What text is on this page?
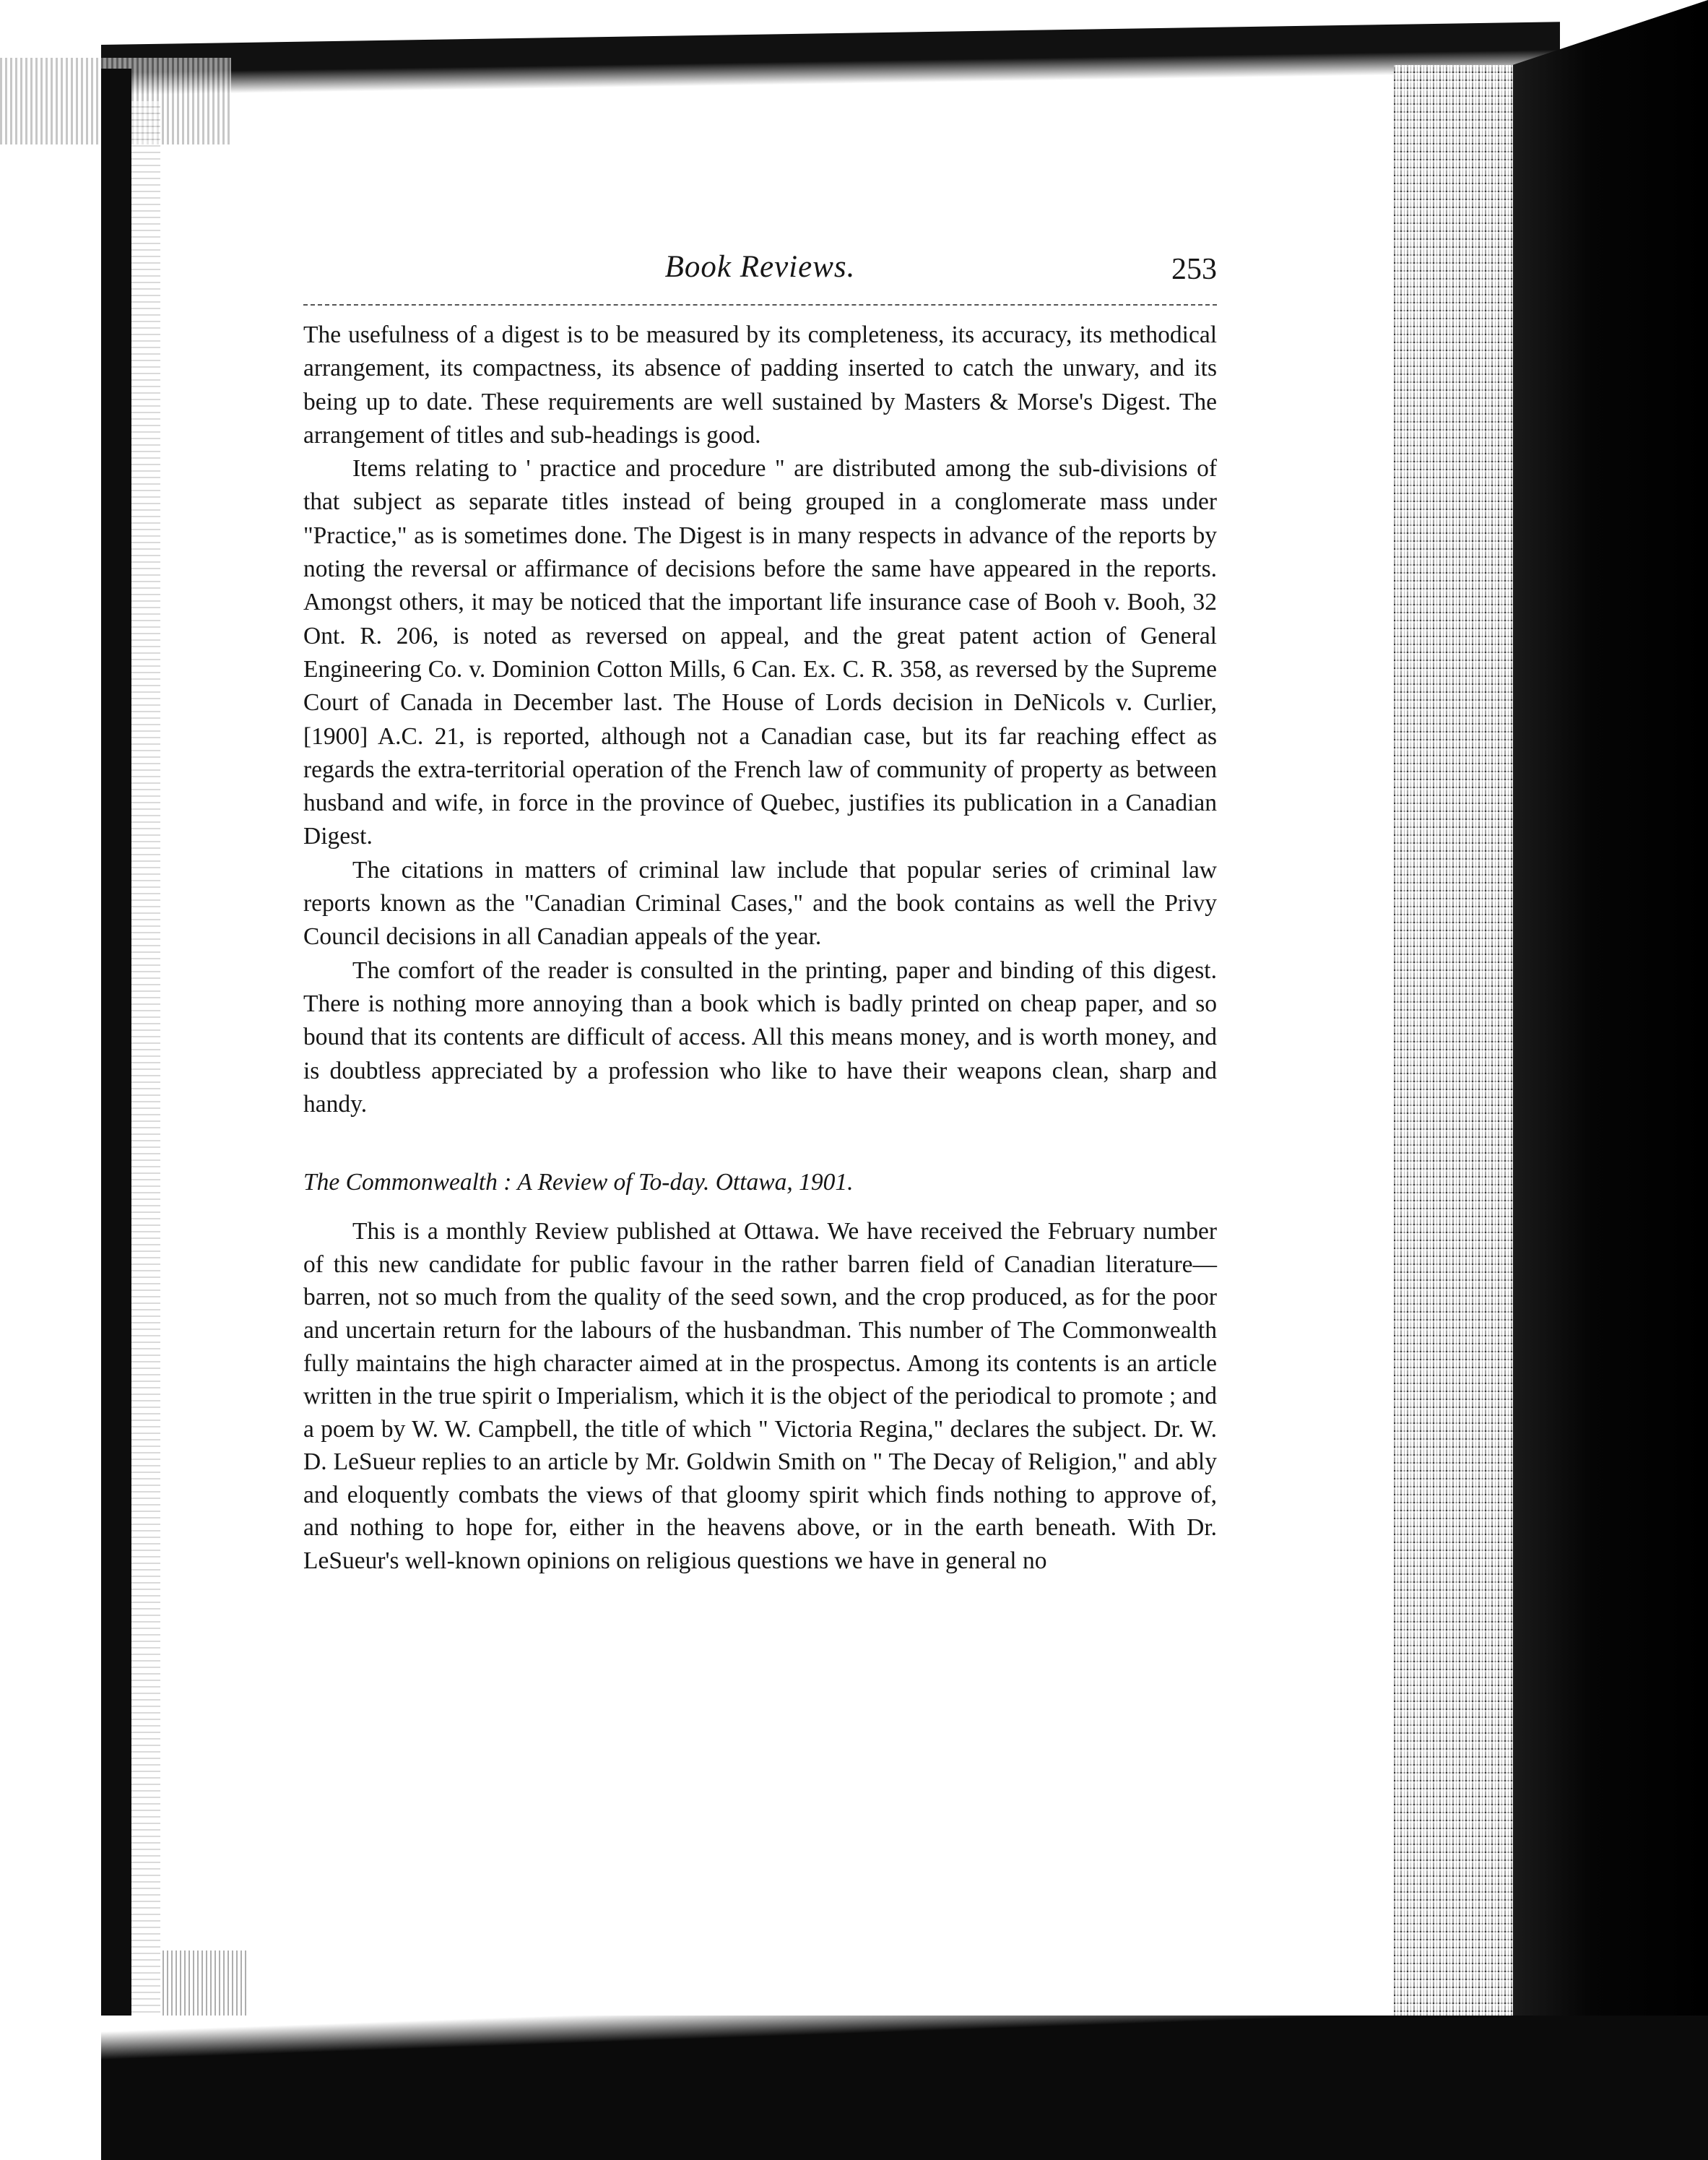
Book Reviews.	253

The usefulness of a digest is to be measured by its completeness, its accuracy, its methodical arrangement, its compactness, its absence of padding inserted to catch the unwary, and its being up to date. These requirements are well sustained by Masters & Morse's Digest. The arrangement of titles and sub-headings is good.

Items relating to ' practice and procedure " are distributed among the sub-divisions of that subject as separate titles instead of being grouped in a conglomerate mass under "Practice," as is sometimes done. The Digest is in many respects in advance of the reports by noting the reversal or affirmance of decisions before the same have appeared in the reports. Amongst others, it may be noticed that the important life insurance case of Booh v. Booh, 32 Ont. R. 206, is noted as reversed on appeal, and the great patent action of General Engineering Co. v. Dominion Cotton Mills, 6 Can. Ex. C. R. 358, as reversed by the Supreme Court of Canada in December last. The House of Lords decision in DeNicols v. Curlier, [1900] A.C. 21, is reported, although not a Canadian case, but its far reaching effect as regards the extra-territorial operation of the French law of community of property as between husband and wife, in force in the province of Quebec, justifies its publication in a Canadian Digest.

The citations in matters of criminal law include that popular series of criminal law reports known as the "Canadian Criminal Cases," and the book contains as well the Privy Council decisions in all Canadian appeals of the year.

The comfort of the reader is consulted in the printing, paper and binding of this digest. There is nothing more annoying than a book which is badly printed on cheap paper, and so bound that its contents are difficult of access. All this means money, and is worth money, and is doubtless appreciated by a profession who like to have their weapons clean, sharp and handy.

The Commonwealth : A Review of To-day. Ottawa, 1901.

This is a monthly Review published at Ottawa. We have received the February number of this new candidate for public favour in the rather barren field of Canadian literature—barren, not so much from the quality of the seed sown, and the crop produced, as for the poor and uncertain return for the labours of the husbandman. This number of The Commonwealth fully maintains the high character aimed at in the prospectus. Among its contents is an article written in the true spirit o Imperialism, which it is the object of the periodical to promote ; and a poem by W. W. Campbell, the title of which " Victoria Regina," declares the subject. Dr. W. D. LeSueur replies to an article by Mr. Goldwin Smith on " The Decay of Religion," and ably and eloquently combats the views of that gloomy spirit which finds nothing to approve of, and nothing to hope for, either in the heavens above, or in the earth beneath. With Dr. LeSueur's well-known opinions on religious questions we have in general no
